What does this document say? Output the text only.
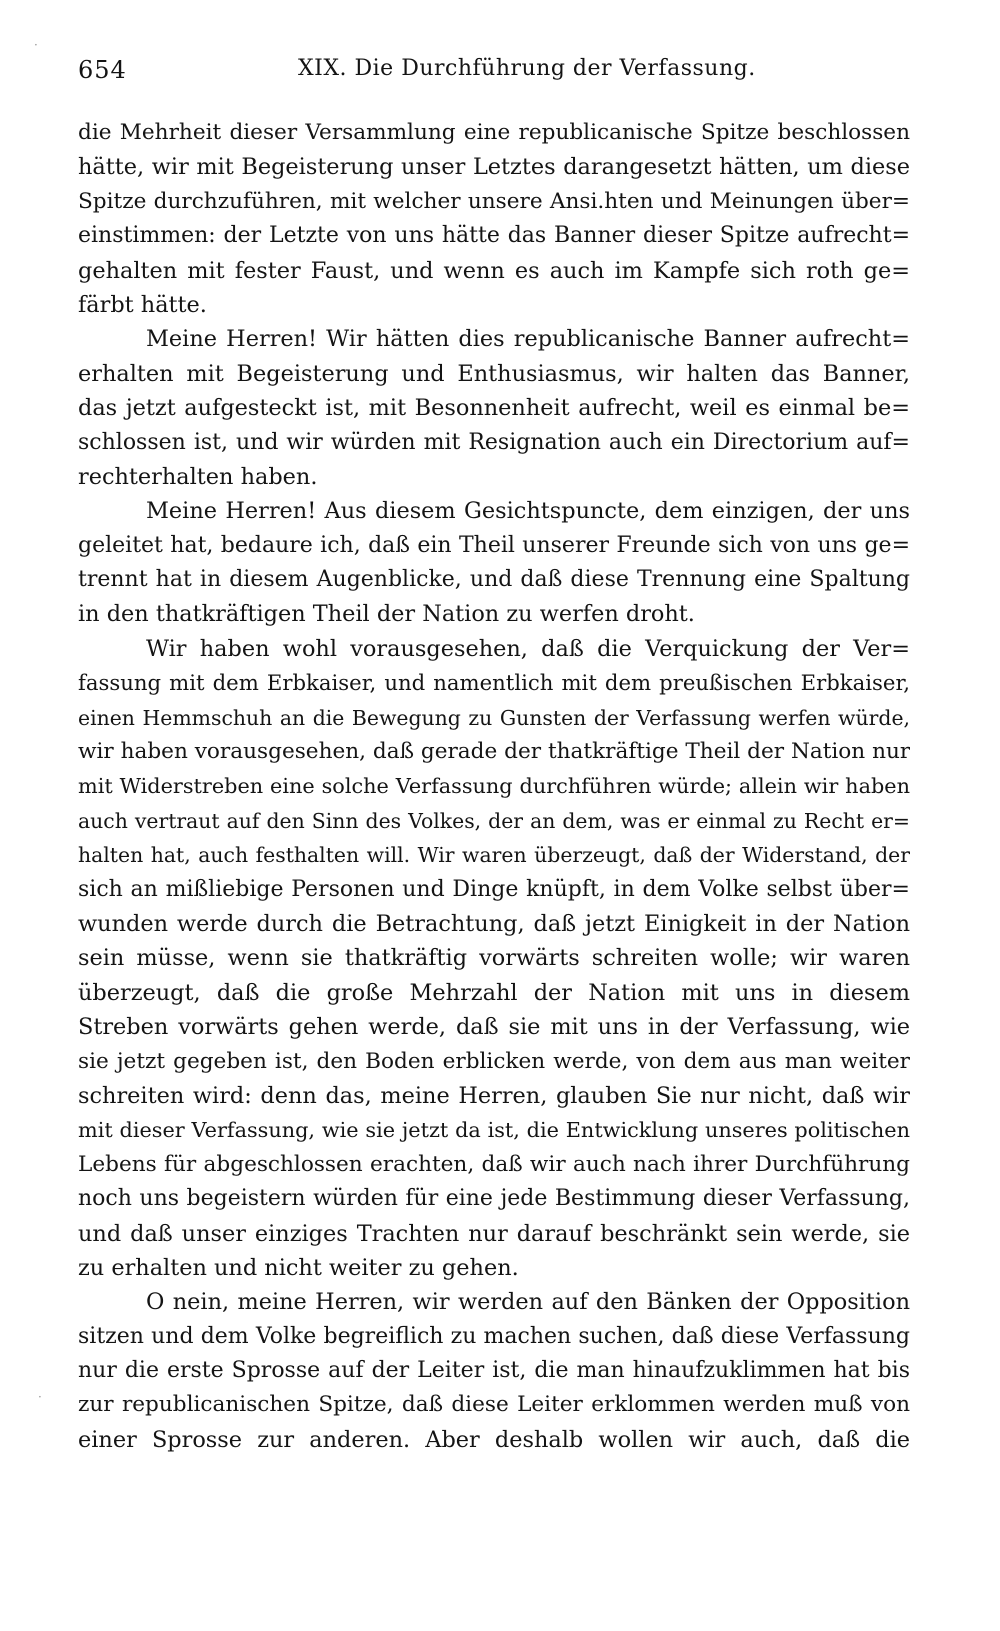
·
·
654	XIX. Die Durchführung der Verfassung.
die Mehrheit dieser Versammlung eine republicanische Spitze beschlossen
hätte, wir mit Begeisterung unser Letztes darangesetzt hätten, um diese
Spitze durchzuführen, mit welcher unsere Ansi.hten und Meinungen über=
einstimmen: der Letzte von uns hätte das Banner dieser Spitze aufrecht=
gehalten mit fester Faust, und wenn es auch im Kampfe sich roth ge=
färbt hätte.
Meine Herren! Wir hätten dies republicanische Banner aufrecht=
erhalten mit Begeisterung und Enthusiasmus, wir halten das Banner,
das jetzt aufgesteckt ist, mit Besonnenheit aufrecht, weil es einmal be=
schlossen ist, und wir würden mit Resignation auch ein Directorium auf=
rechterhalten haben.
Meine Herren! Aus diesem Gesichtspuncte, dem einzigen, der uns
geleitet hat, bedaure ich, daß ein Theil unserer Freunde sich von uns ge=
trennt hat in diesem Augenblicke, und daß diese Trennung eine Spaltung
in den thatkräftigen Theil der Nation zu werfen droht.
Wir haben wohl vorausgesehen, daß die Verquickung der Ver=
fassung mit dem Erbkaiser, und namentlich mit dem preußischen Erbkaiser,
einen Hemmschuh an die Bewegung zu Gunsten der Verfassung werfen würde,
wir haben vorausgesehen, daß gerade der thatkräftige Theil der Nation nur
mit Widerstreben eine solche Verfassung durchführen würde; allein wir haben
auch vertraut auf den Sinn des Volkes, der an dem, was er einmal zu Recht er=
halten hat, auch festhalten will. Wir waren überzeugt, daß der Widerstand, der
sich an mißliebige Personen und Dinge knüpft, in dem Volke selbst über=
wunden werde durch die Betrachtung, daß jetzt Einigkeit in der Nation
sein müsse, wenn sie thatkräftig vorwärts schreiten wolle; wir waren
überzeugt, daß die große Mehrzahl der Nation mit uns in diesem
Streben vorwärts gehen werde, daß sie mit uns in der Verfassung, wie
sie jetzt gegeben ist, den Boden erblicken werde, von dem aus man weiter
schreiten wird: denn das, meine Herren, glauben Sie nur nicht, daß wir
mit dieser Verfassung, wie sie jetzt da ist, die Entwicklung unseres politischen
Lebens für abgeschlossen erachten, daß wir auch nach ihrer Durchführung
noch uns begeistern würden für eine jede Bestimmung dieser Verfassung,
und daß unser einziges Trachten nur darauf beschränkt sein werde, sie
zu erhalten und nicht weiter zu gehen.
O nein, meine Herren, wir werden auf den Bänken der Opposition
sitzen und dem Volke begreiflich zu machen suchen, daß diese Verfassung
nur die erste Sprosse auf der Leiter ist, die man hinaufzuklimmen hat bis
zur republicanischen Spitze, daß diese Leiter erklommen werden muß von
einer Sprosse zur anderen. Aber deshalb wollen wir auch, daß die
